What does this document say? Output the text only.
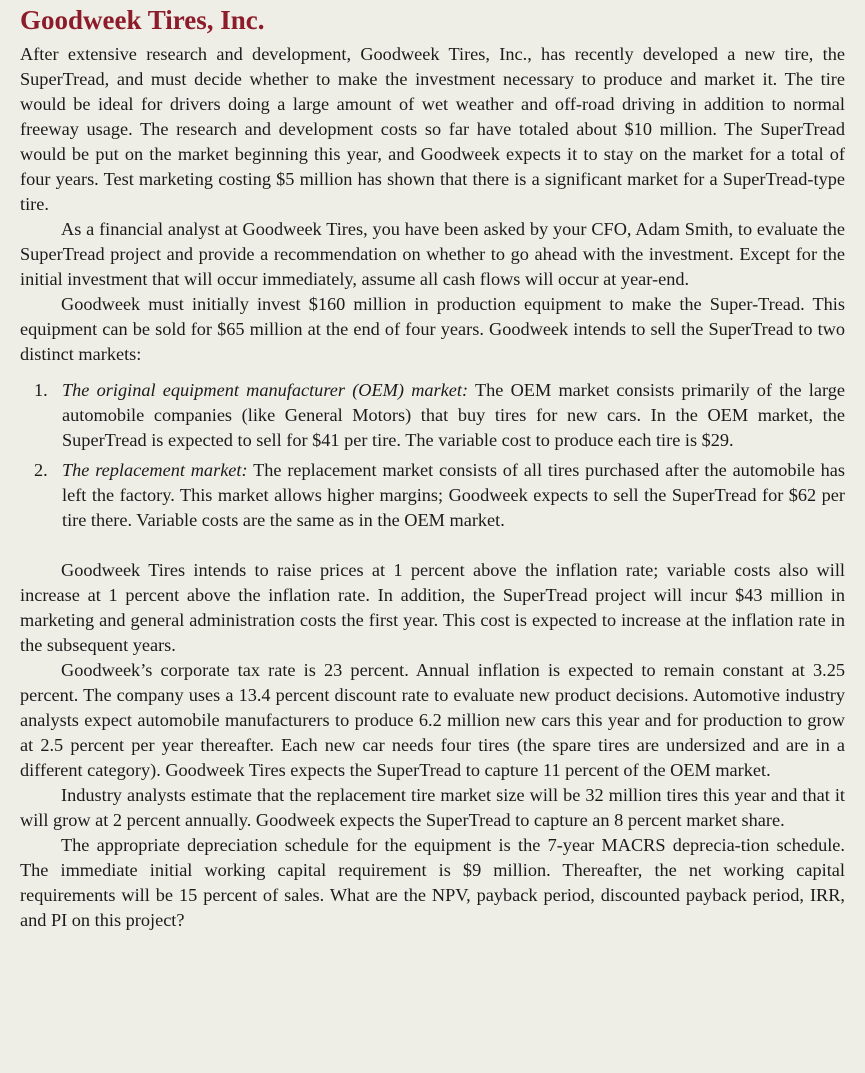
Goodweek Tires, Inc.

After extensive research and development, Goodweek Tires, Inc., has recently developed a new tire, the SuperTread, and must decide whether to make the investment necessary to produce and market it. The tire would be ideal for drivers doing a large amount of wet weather and off-road driving in addition to normal freeway usage. The research and development costs so far have totaled about $10 million. The SuperTread would be put on the market beginning this year, and Goodweek expects it to stay on the market for a total of four years. Test marketing costing $5 million has shown that there is a significant market for a SuperTread-type tire.

As a financial analyst at Goodweek Tires, you have been asked by your CFO, Adam Smith, to evaluate the SuperTread project and provide a recommendation on whether to go ahead with the investment. Except for the initial investment that will occur immediately, assume all cash flows will occur at year-end.

Goodweek must initially invest $160 million in production equipment to make the Super-Tread. This equipment can be sold for $65 million at the end of four years. Goodweek intends to sell the SuperTread to two distinct markets:

1. The original equipment manufacturer (OEM) market: The OEM market consists primarily of the large automobile companies (like General Motors) that buy tires for new cars. In the OEM market, the SuperTread is expected to sell for $41 per tire. The variable cost to produce each tire is $29.
2. The replacement market: The replacement market consists of all tires purchased after the automobile has left the factory. This market allows higher margins; Goodweek expects to sell the SuperTread for $62 per tire there. Variable costs are the same as in the OEM market.

Goodweek Tires intends to raise prices at 1 percent above the inflation rate; variable costs also will increase at 1 percent above the inflation rate. In addition, the SuperTread project will incur $43 million in marketing and general administration costs the first year. This cost is expected to increase at the inflation rate in the subsequent years.

Goodweek’s corporate tax rate is 23 percent. Annual inflation is expected to remain constant at 3.25 percent. The company uses a 13.4 percent discount rate to evaluate new product decisions. Automotive industry analysts expect automobile manufacturers to produce 6.2 million new cars this year and for production to grow at 2.5 percent per year thereafter. Each new car needs four tires (the spare tires are undersized and are in a different category). Goodweek Tires expects the SuperTread to capture 11 percent of the OEM market.

Industry analysts estimate that the replacement tire market size will be 32 million tires this year and that it will grow at 2 percent annually. Goodweek expects the SuperTread to capture an 8 percent market share.

The appropriate depreciation schedule for the equipment is the 7-year MACRS deprecia-tion schedule. The immediate initial working capital requirement is $9 million. Thereafter, the net working capital requirements will be 15 percent of sales. What are the NPV, payback period, discounted payback period, IRR, and PI on this project?
